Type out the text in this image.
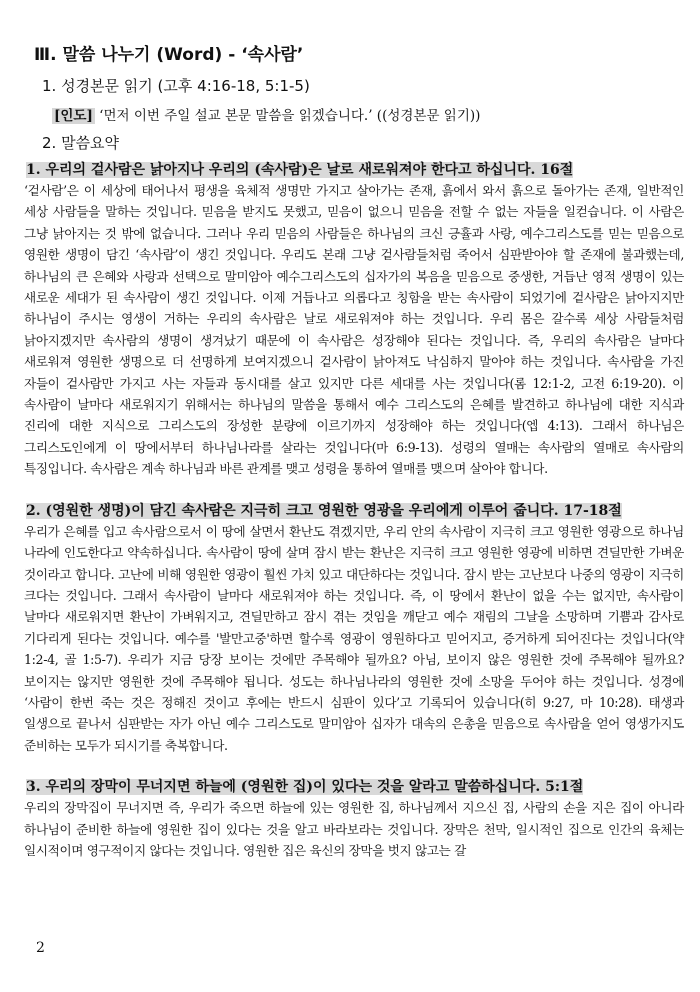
Ⅲ. 말씀 나누기 (Word) - ‘속사람’
1. 성경본문 읽기 (고후 4:16-18, 5:1-5)
[인도] ‘먼저 이번 주일 설교 본문 말씀을 읽겠습니다.’ ((성경본문 읽기))
2. 말씀요약
1. 우리의 겉사람은 낡아지나 우리의 (속사람)은 날로 새로워져야 한다고 하십니다. 16절

‘겉사람’은 이 세상에 태어나서 평생을 육체적 생명만 가지고 살아가는 존재, 흙에서 와서 흙으로 돌아가는 존재, 일반적인 세상 사람들을 말하는 것입니다. 믿음을 받지도 못했고, 믿음이 없으니 믿음을 전할 수 없는 자들을 일컫습니다. 이 사람은 그냥 낡아지는 것 밖에 없습니다. 그러나 우리 믿음의 사람들은 하나님의 크신 긍휼과 사랑, 예수그리스도를 믿는 믿음으로 영원한 생명이 담긴 ‘속사람’이 생긴 것입니다. 우리도 본래 그냥 겉사람들처럼 죽어서 심판받아야 할 존재에 불과했는데, 하나님의 큰 은혜와 사랑과 선택으로 말미암아 예수그리스도의 십자가의 복음을 믿음으로 중생한, 거듭난 영적 생명이 있는 새로운 세대가 된 속사람이 생긴 것입니다. 이제 거듭나고 의롭다고 칭함을 받는 속사람이 되었기에 겉사람은 낡아지지만 하나님이 주시는 영생이 거하는 우리의 속사람은 날로 새로워져야 하는 것입니다. 우리 몸은 갈수록 세상 사람들처럼 낡아지겠지만 속사람의 생명이 생겨났기 때문에 이 속사람은 성장해야 된다는 것입니다. 즉, 우리의 속사람은 날마다 새로워져 영원한 생명으로 더 선명하게 보여지겠으니 겉사람이 낡아져도 낙심하지 말아야 하는 것입니다. 속사람을 가진 자들이 겉사람만 가지고 사는 자들과 동시대를 살고 있지만 다른 세대를 사는 것입니다(롬 12:1-2, 고전 6:19-20). 이 속사람이 날마다 새로워지기 위해서는 하나님의 말씀을 통해서 예수 그리스도의 은혜를 발견하고 하나님에 대한 지식과 진리에 대한 지식으로 그리스도의 장성한 분량에 이르기까지 성장해야 하는 것입니다(엡 4:13). 그래서 하나님은 그리스도인에게 이 땅에서부터 하나님나라를 살라는 것입니다(마 6:9-13). 성령의 열매는 속사람의 열매로 속사람의 특징입니다. 속사람은 계속 하나님과 바른 관계를 맺고 성령을 통하여 열매를 맺으며 살아야 합니다.

2. (영원한 생명)이 담긴 속사람은 지극히 크고 영원한 영광을 우리에게 이루어 줍니다. 17-18절

우리가 은혜를 입고 속사람으로서 이 땅에 살면서 환난도 겪겠지만, 우리 안의 속사람이 지극히 크고 영원한 영광으로 하나님 나라에 인도한다고 약속하십니다. 속사람이 땅에 살며 잠시 받는 환난은 지극히 크고 영원한 영광에 비하면 견딜만한 가벼운 것이라고 합니다. 고난에 비해 영원한 영광이 훨씬 가치 있고 대단하다는 것입니다. 잠시 받는 고난보다 나중의 영광이 지극히 크다는 것입니다. 그래서 속사람이 날마다 새로워져야 하는 것입니다. 즉, 이 땅에서 환난이 없을 수는 없지만, 속사람이 날마다 새로워지면 환난이 가벼워지고, 견딜만하고 잠시 겪는 것임을 깨닫고 예수 재림의 그날을 소망하며 기쁨과 감사로 기다리게 된다는 것입니다. 예수를 '발만고중'하면 할수록 영광이 영원하다고 믿어지고, 증거하게 되어진다는 것입니다(약 1:2-4, 골 1:5-7). 우리가 지금 당장 보이는 것에만 주목해야 될까요? 아님, 보이지 않은 영원한 것에 주목해야 될까요? 보이지는 않지만 영원한 것에 주목해야 됩니다. 성도는 하나님나라의 영원한 것에 소망을 두어야 하는 것입니다. 성경에 ‘사람이 한번 죽는 것은 정해진 것이고 후에는 반드시 심판이 있다’고 기록되어 있습니다(히 9:27, 마 10:28). 태생과 일생으로 끝나서 심판받는 자가 아닌 예수 그리스도로 말미암아 십자가 대속의 은총을 믿음으로 속사람을 얻어 영생가지도 준비하는 모두가 되시기를 축복합니다.

3. 우리의 장막이 무너지면 하늘에 (영원한 집)이 있다는 것을 알라고 말씀하십니다. 5:1절

우리의 장막집이 무너지면 즉, 우리가 죽으면 하늘에 있는 영원한 집, 하나님께서 지으신 집, 사람의 손을 지은 집이 아니라 하나님이 준비한 하늘에 영원한 집이 있다는 것을 알고 바라보라는 것입니다. 장막은 천막, 일시적인 집으로 인간의 육체는 일시적이며 영구적이지 않다는 것입니다. 영원한 집은 육신의 장막을 벗지 않고는 갈

2
